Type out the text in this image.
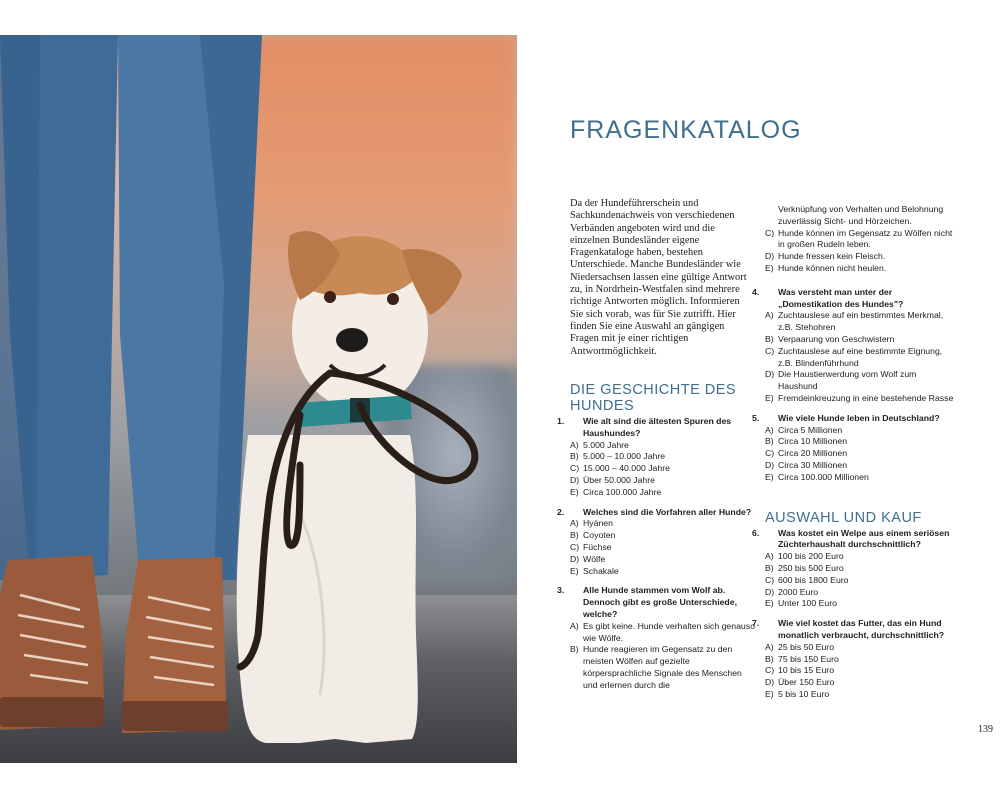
FRAGENKATALOG

Da der Hundeführerschein und Sachkundenachweis von verschiedenen Verbänden angeboten wird und die einzelnen Bundesländer eigene Fragenkataloge haben, bestehen Unterschiede. Manche Bundesländer wie Niedersachsen lassen eine gültige Antwort zu, in Nordrhein-Westfalen sind mehrere richtige Antworten möglich. Informieren Sie sich vorab, was für Sie zutrifft. Hier finden Sie eine Auswahl an gängigen Fragen mit je einer richtigen Antwortmöglichkeit.

DIE GESCHICHTE DES HUNDES

1. Wie alt sind die ältesten Spuren des Haushundes?

A) 5.000 Jahre
B) 5.000 – 10.000 Jahre
C) 15.000 – 40.000 Jahre
D) Über 50.000 Jahre
E) Circa 100.000 Jahre

2. Welches sind die Vorfahren aller Hunde?

A) Hyänen
B) Coyoten
C) Füchse
D) Wölfe
E) Schakale

3. Alle Hunde stammen vom Wolf ab. Dennoch gibt es große Unterschiede, welche?

A) Es gibt keine. Hunde verhalten sich genauso wie Wölfe.
B) Hunde reagieren im Gegensatz zu den meisten Wölfen auf gezielte körpersprachliche Signale des Menschen und erlernen durch die
Verknüpfung von Verhalten und Belohnung zuverlässig Sicht- und Hörzeichen.
C) Hunde können im Gegensatz zu Wölfen nicht in großen Rudeln leben.
D) Hunde fressen kein Fleisch.
E) Hunde können nicht heulen.

4. Was versteht man unter der „Domestikation des Hundes"?

A) Zuchtauslese auf ein bestimmtes Merkmal, z.B. Stehohren
B) Verpaarung von Geschwistern
C) Zuchtauslese auf eine bestimmte Eignung, z.B. Blindenführhund
D) Die Haustierwerdung vom Wolf zum Haushund
E) Fremdeinkreuzung in eine bestehende Rasse

5. Wie viele Hunde leben in Deutschland?

A) Circa 5 Millionen
B) Circa 10 Millionen
C) Circa 20 Millionen
D) Circa 30 Millionen
E) Circa 100.000 Millionen
AUSWAHL UND KAUF

6. Was kostet ein Welpe aus einem seriösen Züchterhaushalt durchschnittlich?

A) 100 bis 200 Euro
B) 250 bis 500 Euro
C) 600 bis 1800 Euro
D) 2000 Euro
E) Unter 100 Euro

7. Wie viel kostet das Futter, das ein Hund monatlich verbraucht, durchschnittlich?

A) 25 bis 50 Euro
B) 75 bis 150 Euro
C) 10 bis 15 Euro
D) Über 150 Euro
E) 5 bis 10 Euro
139
